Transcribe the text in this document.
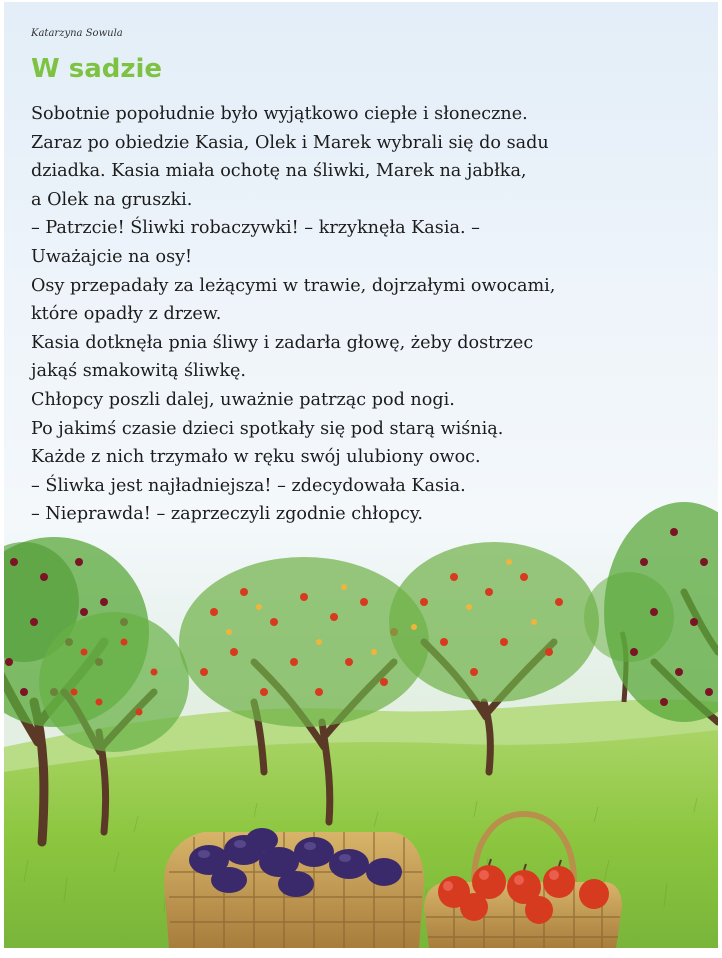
Katarzyna Sowula
W sadzie
Sobotnie popołudnie było wyjątkowo ciepłe i słoneczne.
Zaraz po obiedzie Kasia, Olek i Marek wybrali się do sadu
dziadka. Kasia miała ochotę na śliwki, Marek na jabłka,
a Olek na gruszki.
– Patrzcie! Śliwki robaczywki! – krzyknęła Kasia. –
Uważajcie na osy!
Osy przepadały za leżącymi w trawie, dojrzałymi owocami,
które opadły z drzew.
Kasia dotknęła pnia śliwy i zadarła głowę, żeby dostrzec
jakąś smakowitą śliwkę.
Chłopcy poszli dalej, uważnie patrząc pod nogi.
Po jakimś czasie dzieci spotkały się pod starą wiśnią.
Każde z nich trzymało w ręku swój ulubiony owoc.
– Śliwka jest najładniejsza! – zdecydowała Kasia.
– Nieprawda! – zaprzeczyli zgodnie chłopcy.
